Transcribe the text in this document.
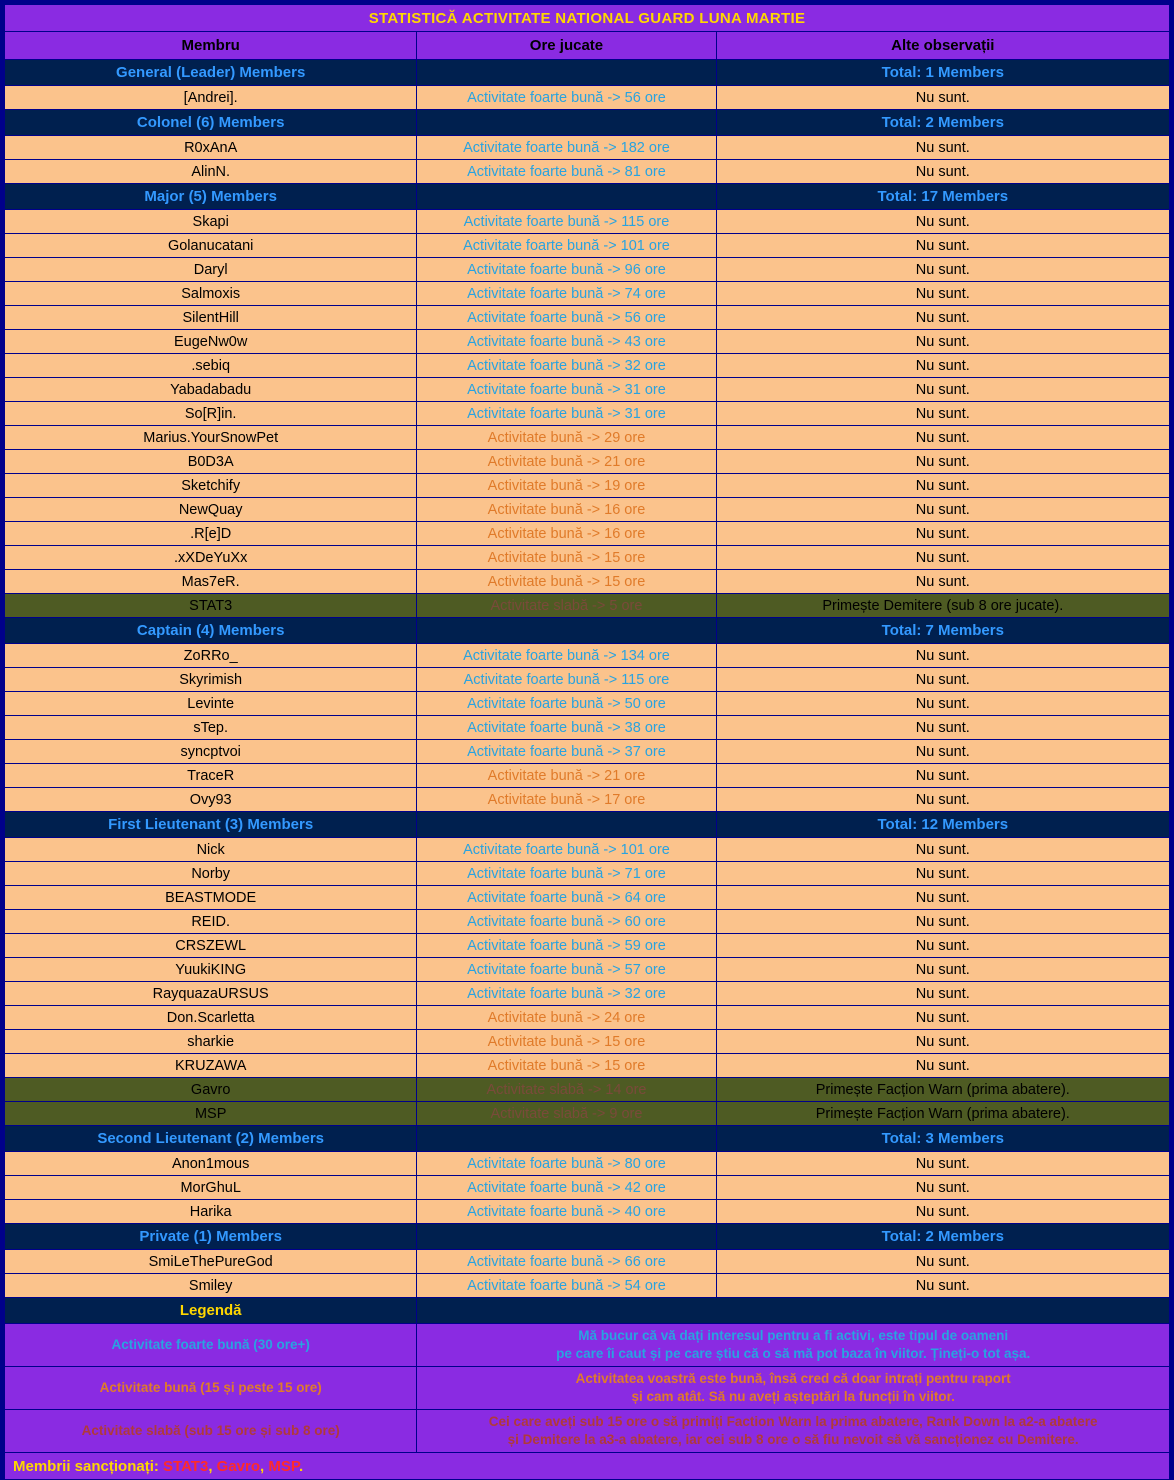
STATISTICĂ ACTIVITATE NATIONAL GUARD LUNA MARTIE		
Membru	Ore jucate	Alte observații
General (Leader) Members		Total: 1 Members
[Andrei].	Activitate foarte bună -> 56 ore	Nu sunt.
Colonel (6) Members		Total: 2 Members
R0xAnA	Activitate foarte bună -> 182 ore	Nu sunt.
AlinN.	Activitate foarte bună -> 81 ore	Nu sunt.
Major (5) Members		Total: 17 Members
Skapi	Activitate foarte bună -> 115 ore	Nu sunt.
Golanucatani	Activitate foarte bună -> 101 ore	Nu sunt.
Daryl	Activitate foarte bună -> 96 ore	Nu sunt.
Salmoxis	Activitate foarte bună -> 74 ore	Nu sunt.
SilentHill	Activitate foarte bună -> 56 ore	Nu sunt.
EugeNw0w	Activitate foarte bună -> 43 ore	Nu sunt.
.sebiq	Activitate foarte bună -> 32 ore	Nu sunt.
Yabadabadu	Activitate foarte bună -> 31 ore	Nu sunt.
So[R]in.	Activitate foarte bună -> 31 ore	Nu sunt.
Marius.YourSnowPet	Activitate bună -> 29 ore	Nu sunt.
B0D3A	Activitate bună -> 21 ore	Nu sunt.
Sketchify	Activitate bună -> 19 ore	Nu sunt.
NewQuay	Activitate bună -> 16 ore	Nu sunt.
.R[e]D	Activitate bună -> 16 ore	Nu sunt.
.xXDeYuXx	Activitate bună -> 15 ore	Nu sunt.
Mas7eR.	Activitate bună -> 15 ore	Nu sunt.
STAT3	Activitate slabă -> 5 ore	Primește Demitere (sub 8 ore jucate).
Captain (4) Members		Total: 7 Members
ZoRRo_	Activitate foarte bună -> 134 ore	Nu sunt.
Skyrimish	Activitate foarte bună -> 115 ore	Nu sunt.
Levinte	Activitate foarte bună -> 50 ore	Nu sunt.
sTep.	Activitate foarte bună -> 38 ore	Nu sunt.
syncptvoi	Activitate foarte bună -> 37 ore	Nu sunt.
TraceR	Activitate bună -> 21 ore	Nu sunt.
Ovy93	Activitate bună -> 17 ore	Nu sunt.
First Lieutenant (3) Members		Total: 12 Members
Nick	Activitate foarte bună -> 101 ore	Nu sunt.
Norby	Activitate foarte bună -> 71 ore	Nu sunt.
BEASTMODE	Activitate foarte bună -> 64 ore	Nu sunt.
REID.	Activitate foarte bună -> 60 ore	Nu sunt.
CRSZEWL	Activitate foarte bună -> 59 ore	Nu sunt.
YuukiKING	Activitate foarte bună -> 57 ore	Nu sunt.
RayquazaURSUS	Activitate foarte bună -> 32 ore	Nu sunt.
Don.Scarletta	Activitate bună -> 24 ore	Nu sunt.
sharkie	Activitate bună -> 15 ore	Nu sunt.
KRUZAWA	Activitate bună -> 15 ore	Nu sunt.
Gavro	Activitate slabă -> 14 ore	Primește Facțion Warn (prima abatere).
MSP	Activitate slabă -> 9 ore	Primește Facțion Warn (prima abatere).
Second Lieutenant (2) Members		Total: 3 Members
Anon1mous	Activitate foarte bună -> 80 ore	Nu sunt.
MorGhuL	Activitate foarte bună -> 42 ore	Nu sunt.
Harika	Activitate foarte bună -> 40 ore	Nu sunt.
Private (1) Members		Total: 2 Members
SmiLeThePureGod	Activitate foarte bună -> 66 ore	Nu sunt.
Smiley	Activitate foarte bună -> 54 ore	Nu sunt.
Legendă		
Activitate foarte bună (30 ore+)	Mă bucur că vă dați interesul pentru a fi activi, este tipul de oameni
pe care îi caut și pe care știu că o să mă pot baza în viitor. Țineți-o tot așa.	

Activitate bună (15 și peste 15 ore)	Activitatea voastră este bună, însă cred că doar intrați pentru raport
și cam atât. Să nu aveți așteptări la funcții în viitor.	

Activitate slabă (sub 15 ore și sub 8 ore)	Cei care aveți sub 15 ore o să primiți Faction Warn la prima abatere, Rank Down la a2-a abatere
și Demitere la a3-a abatere, iar cei sub 8 ore o să fiu nevoit să vă sancționez cu Demitere.	

Membrii sancționați: STAT3, Gavro, MSP.		
